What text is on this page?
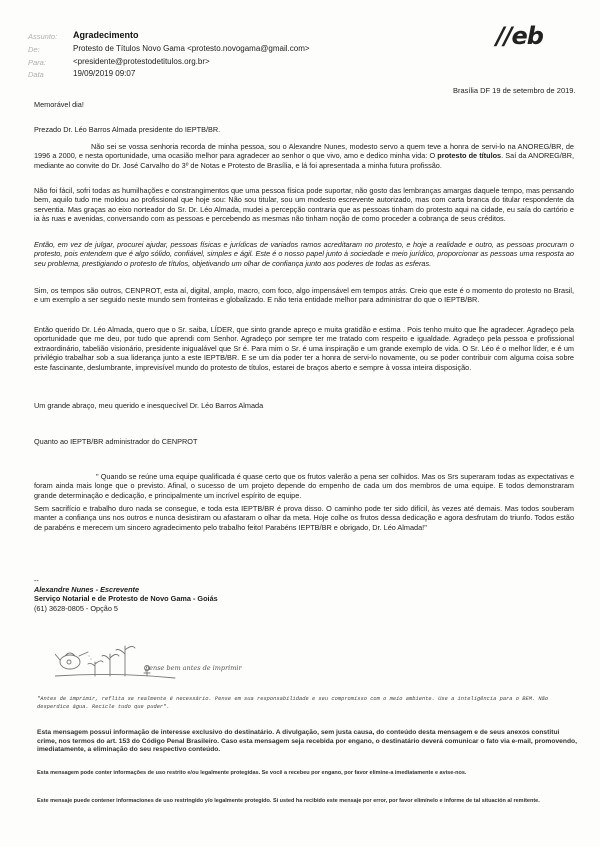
Assunto: Agradecimento
De:	Protesto de Títulos Novo Gama <protesto.novogama@gmail.com>
Para:	<presidente@protestodetitulos.org.br>
Data	19/09/2019 09:07
//eb
Brasília DF 19 de setembro de 2019.
Memorável dia!
Prezado Dr. Léo Barros Almada presidente do IEPTB/BR.
Não sei se vossa senhoria recorda de minha pessoa, sou o Alexandre Nunes, modesto servo a quem teve a honra de servi-lo na ANOREG/BR, de 1996 a 2000, e nesta oportunidade, uma ocasião melhor para agradecer ao senhor o que vivo, amo e dedico minha vida: O protesto de títulos. Saí da ANOREG/BR, mediante ao convite do Dr. José Carvalho do 3º de Notas e Protesto de Brasília, e lá foi apresentada a minha futura profissão.
Não foi fácil, sofri todas as humilhações e constrangimentos que uma pessoa física pode suportar, não gosto das lembranças amargas daquele tempo, mas pensando bem, aquilo tudo me moldou ao profissional que hoje sou: Não sou titular, sou um modesto escrevente autorizado, mas com carta branca do titular respondente da serventia. Mas graças ao eixo norteador do Sr. Dr. Léo Almada, mudei a percepção contraria que as pessoas tinham do protesto aqui na cidade, eu saía do cartório e ia às ruas e avenidas, conversando com as pessoas e percebendo as mesmas não tinham noção de como proceder a cobrança de seus créditos.
Então, em vez de julgar, procurei ajudar, pessoas físicas e jurídicas de variados ramos acreditaram no protesto, e hoje a realidade e outro, as pessoas procuram o protesto, pois entendem que é algo sólido, confiável, simples e ágil. Este é o nosso papel junto à sociedade e meio jurídico, proporcionar as pessoas uma resposta ao seu problema, prestigiando o protesto de títulos, objetivando um olhar de confiança junto aos poderes de todas as esferas.
Sim, os tempos são outros, CENPROT, esta aí, digital, amplo, macro, com foco, algo impensável em tempos atrás. Creio que este é o momento do protesto no Brasil, e um exemplo a ser seguido neste mundo sem fronteiras e globalizado. E não teria entidade melhor para administrar do que o IEPTB/BR.
Então querido Dr. Léo Almada, quero que o Sr. saiba, LÍDER, que sinto grande apreço e muita gratidão e estima . Pois tenho muito que lhe agradecer. Agradeço pela oportunidade que me deu, por tudo que aprendi com Senhor. Agradeço por sempre ter me tratado com respeito e igualdade. Agradeço pela pessoa e profissional extraordinário, tabelião visionário, presidente inigualável que Sr é. Para mim o Sr. é uma inspiração e um grande exemplo de vida. O Sr. Léo é o melhor líder, e é um privilégio trabalhar sob a sua liderança junto a este IEPTB/BR. E se um dia poder ter a honra de servi-lo novamente, ou se poder contribuir com alguma coisa sobre este fascinante, deslumbrante, imprevisível mundo do protesto de títulos, estarei de braços aberto e sempre à vossa inteira disposição.
Um grande abraço, meu querido e inesquecível Dr. Léo Barros Almada
Quanto ao IEPTB/BR administrador do CENPROT
" Quando se reúne uma equipe qualificada é quase certo que os frutos valerão a pena ser colhidos. Mas os Srs superaram todas as expectativas e foram ainda mais longe que o previsto. Afinal, o sucesso de um projeto depende do empenho de cada um dos membros de uma equipe. E todos demonstraram grande determinação e dedicação, e principalmente um incrível espírito de equipe.
Sem sacrifício e trabalho duro nada se consegue, e toda esta IEPTB/BR é prova disso. O caminho pode ter sido difícil, às vezes até demais. Mas todos souberam manter a confiança uns nos outros e nunca desistiram ou afastaram o olhar da meta. Hoje colhe os frutos dessa dedicação e agora desfrutam do triunfo. Todos estão de parabéns e merecem um sincero agradecimento pelo trabalho feito! Parabéns IEPTB/BR e obrigado, Dr. Léo Almada!"
--
Alexandre Nunes - Escrevente
Serviço Notarial e de Protesto de Novo Gama - Goiás
(61) 3628-0805 - Opção 5
pense bem antes de imprimir
"Antes de imprimir, reflita se realmente é necessário. Pense em sua responsabilidade e seu compromisso com o meio ambiente. Use a inteligência para o BEM. Não desperdice água. Recicle tudo que puder".
Esta mensagem possui informação de interesse exclusivo do destinatário. A divulgação, sem justa causa, do conteúdo desta mensagem e de seus anexos constitui crime, nos termos do art. 153 do Código Penal Brasileiro. Caso esta mensagem seja recebida por engano, o destinatário deverá comunicar o fato via e-mail, promovendo, imediatamente, a eliminação do seu respectivo conteúdo.
Esta mensagem pode conter informações de uso restrito e/ou legalmente protegidas. Se você a recebeu por engano, por favor elimine-a imediatamente e avise-nos.
Este mensaje puede contener informaciones de uso restringido y/o legalmente protegido. Si usted ha recibido este mensaje por error, por favor elimínelo e informe de tal situación al remitente.
